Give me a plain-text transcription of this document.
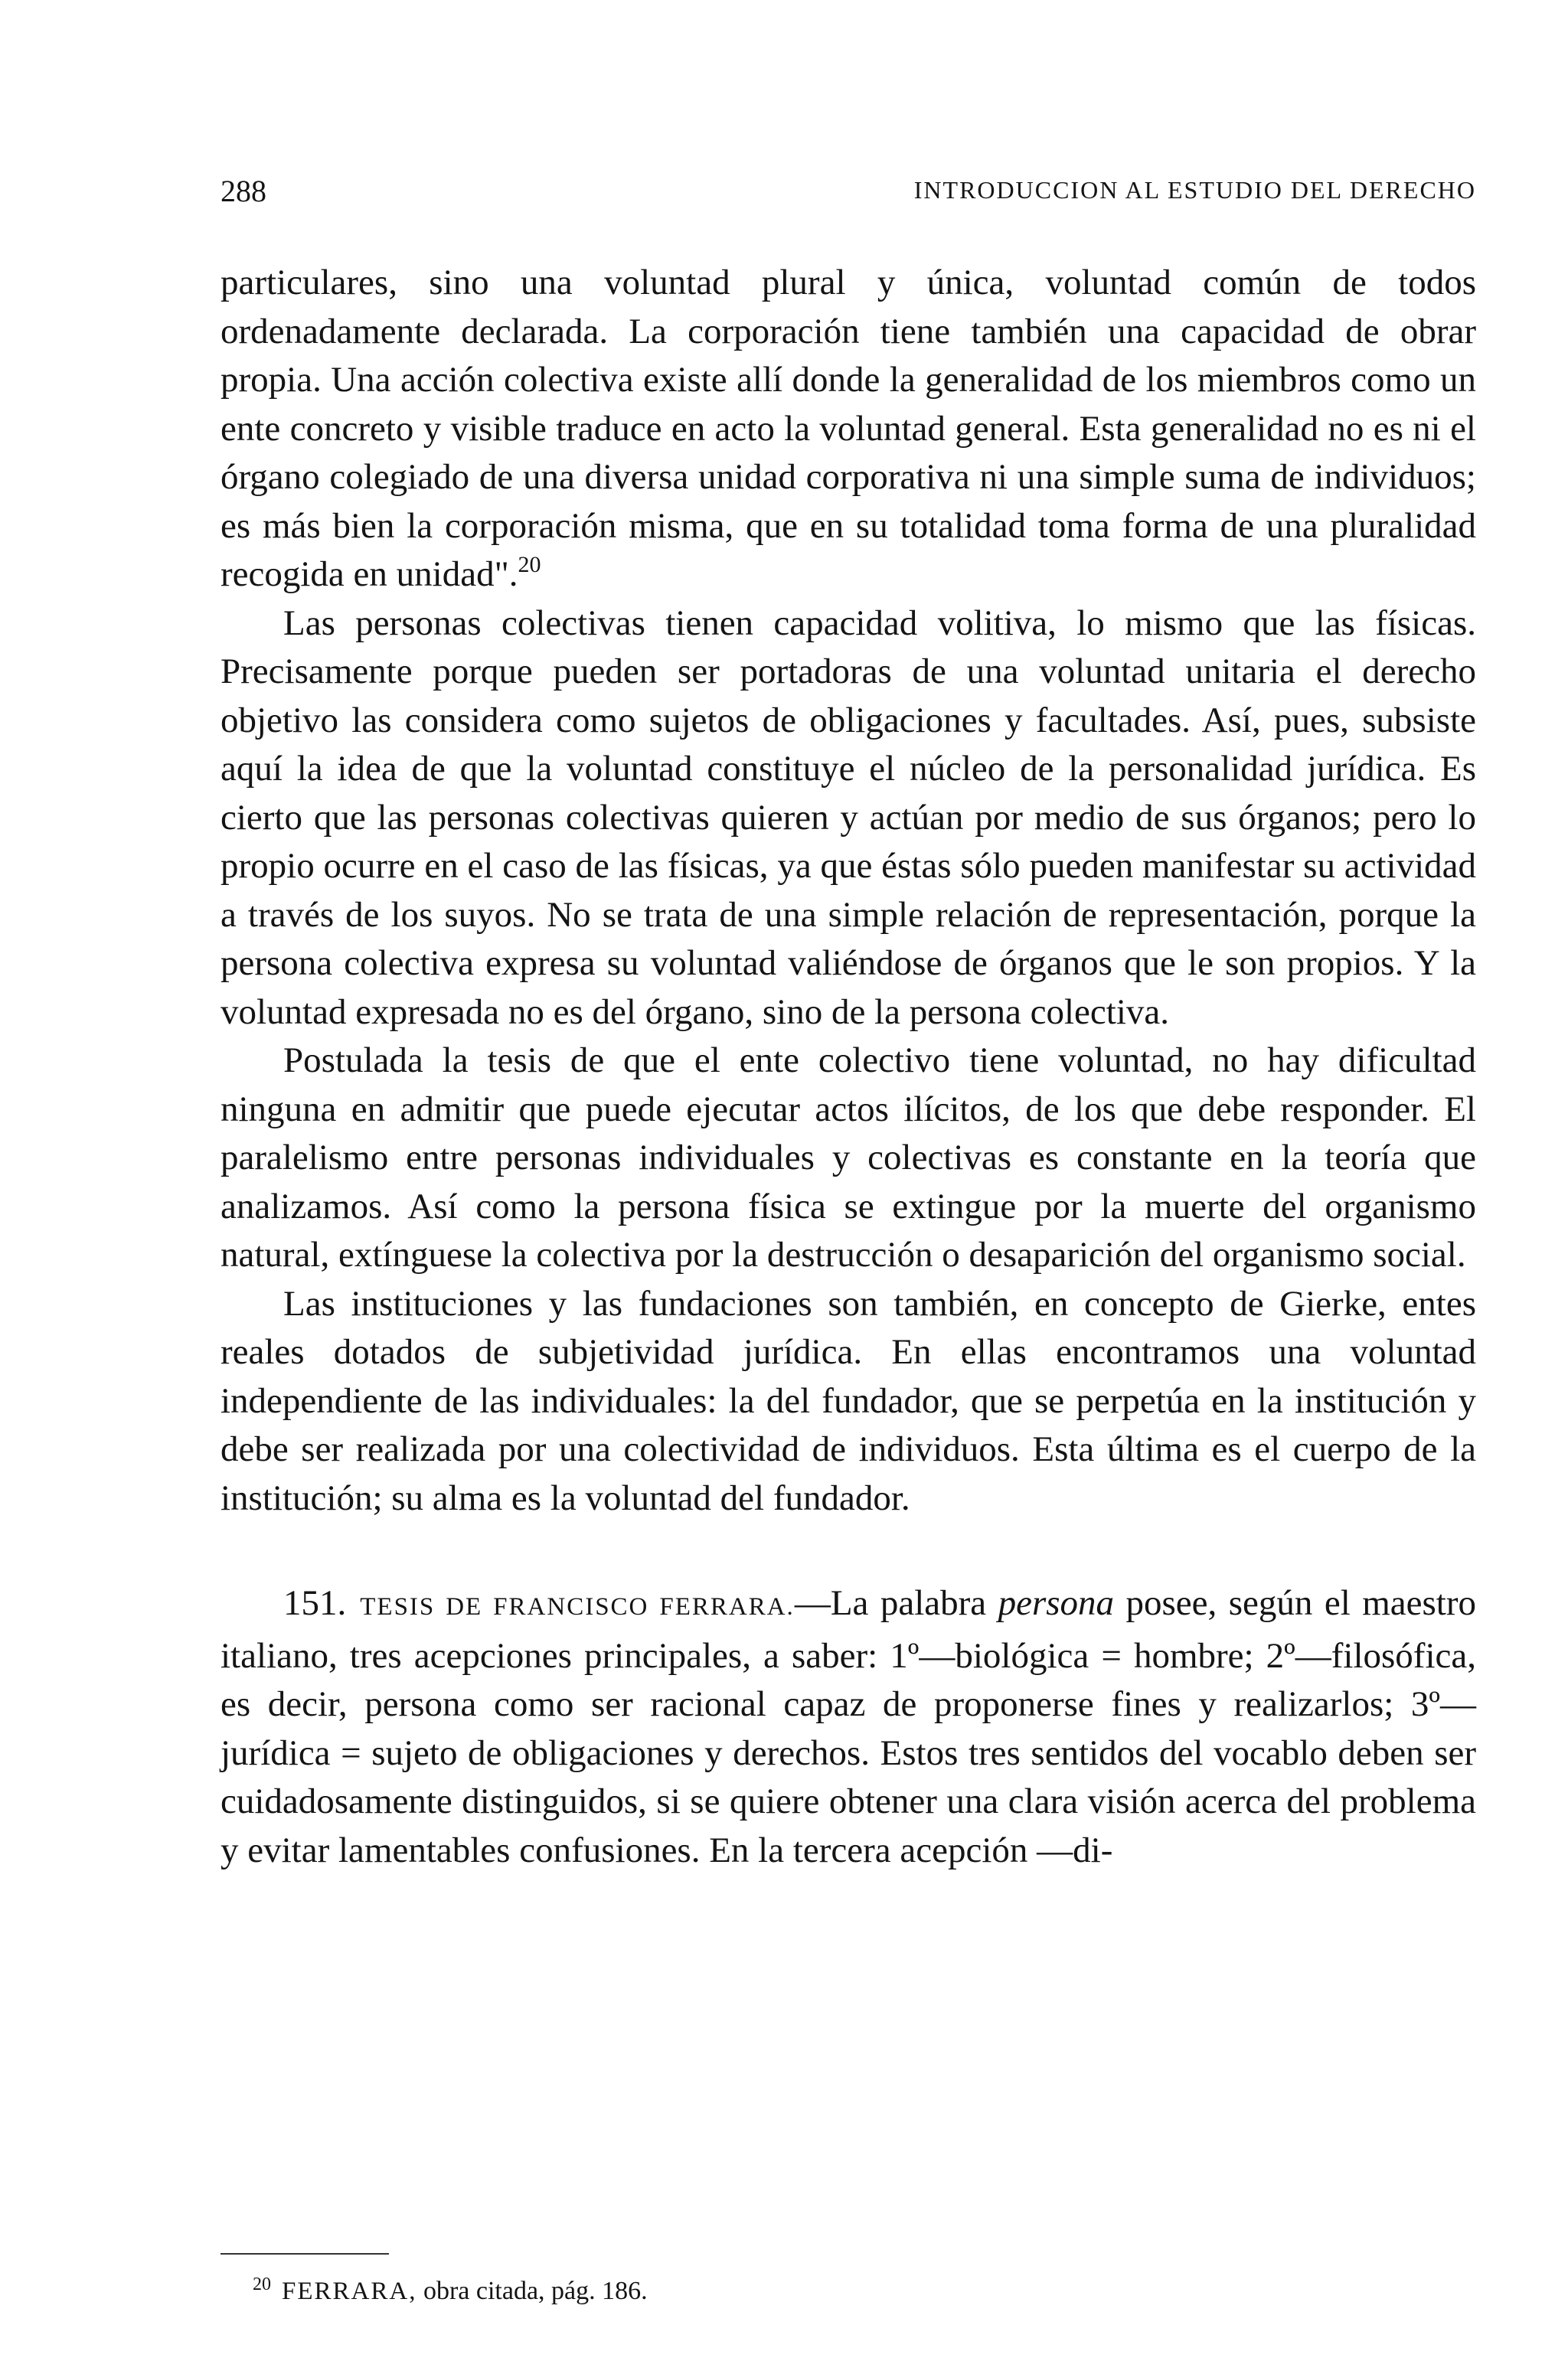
288	INTRODUCCION AL ESTUDIO DEL DERECHO

particulares, sino una voluntad plural y única, voluntad común de todos ordenadamente declarada. La corporación tiene también una capacidad de obrar propia. Una acción colectiva existe allí donde la generalidad de los miembros como un ente concreto y visible traduce en acto la voluntad general. Esta generalidad no es ni el órgano colegiado de una diversa unidad corporativa ni una simple suma de individuos; es más bien la corporación misma, que en su totalidad toma forma de una pluralidad recogida en unidad".$^{20}$

Las personas colectivas tienen capacidad volitiva, lo mismo que las físicas. Precisamente porque pueden ser portadoras de una voluntad unitaria el derecho objetivo las considera como sujetos de obligaciones y facultades. Así, pues, subsiste aquí la idea de que la voluntad constituye el núcleo de la personalidad jurídica. Es cierto que las personas colectivas quieren y actúan por medio de sus órganos; pero lo propio ocurre en el caso de las físicas, ya que éstas sólo pueden manifestar su actividad a través de los suyos. No se trata de una simple relación de representación, porque la persona colectiva expresa su voluntad valiéndose de órganos que le son propios. Y la voluntad expresada no es del órgano, sino de la persona colectiva.

Postulada la tesis de que el ente colectivo tiene voluntad, no hay dificultad ninguna en admitir que puede ejecutar actos ilícitos, de los que debe responder. El paralelismo entre personas individuales y colectivas es constante en la teoría que analizamos. Así como la persona física se extingue por la muerte del organismo natural, extínguese la colectiva por la destrucción o desaparición del organismo social.

Las instituciones y las fundaciones son también, en concepto de Gierke, entes reales dotados de subjetividad jurídica. En ellas encontramos una voluntad independiente de las individuales: la del fundador, que se perpetúa en la institución y debe ser realizada por una colectividad de individuos. Esta última es el cuerpo de la institución; su alma es la voluntad del fundador.

151. TESIS DE FRANCISCO FERRARA.—La palabra persona posee, según el maestro italiano, tres acepciones principales, a saber: 1º—biológica = hombre; 2º—filosófica, es decir, persona como ser racional capaz de proponerse fines y realizarlos; 3º—jurídica = sujeto de obligaciones y derechos. Estos tres sentidos del vocablo deben ser cuidadosamente distinguidos, si se quiere obtener una clara visión acerca del problema y evitar lamentables confusiones. En la tercera acepción —di-

$^{20}$ FERRARA, obra citada, pág. 186.
